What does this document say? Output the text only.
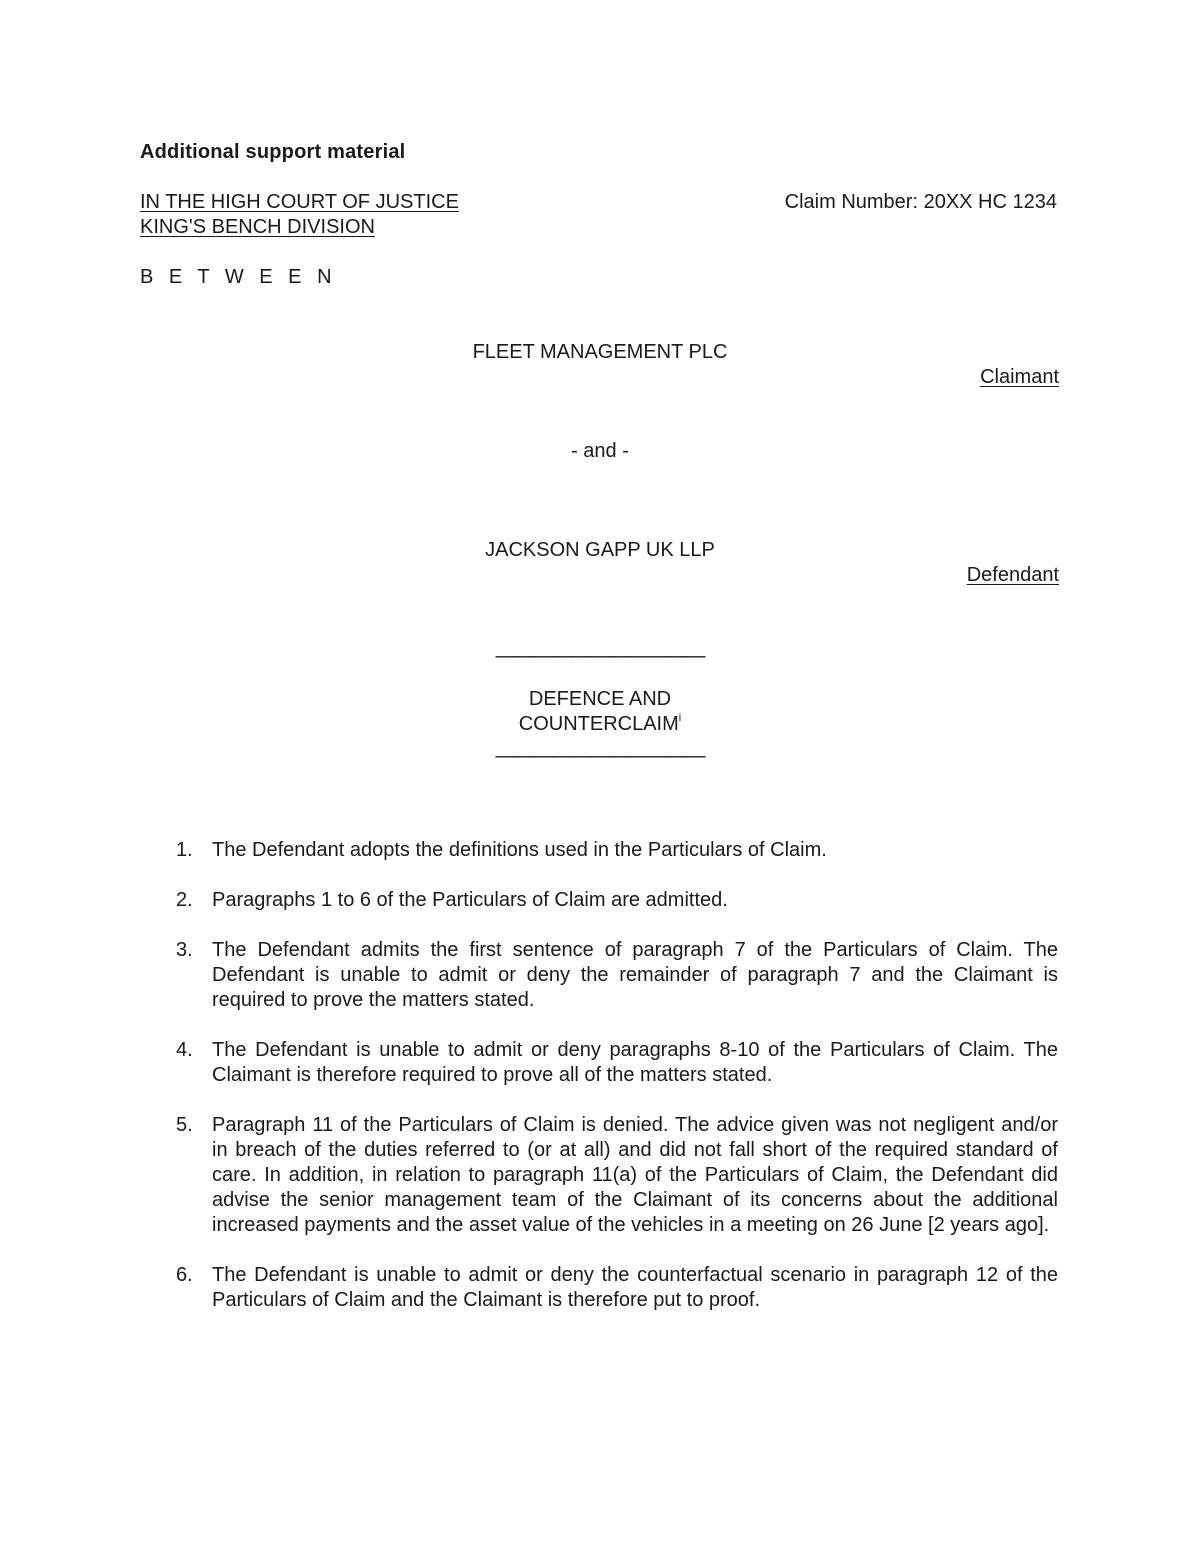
Additional support material
IN THE HIGH COURT OF JUSTICE
KING'S BENCH DIVISION
Claim Number: 20XX HC 1234
B E T W E E N
FLEET MANAGEMENT PLC
Claimant
- and -
JACKSON GAPP UK LLP
Defendant
———————————
DEFENCE AND
COUNTERCLAIM$^i$
———————————
1. The Defendant adopts the definitions used in the Particulars of Claim.
2. Paragraphs 1 to 6 of the Particulars of Claim are admitted.
3. The Defendant admits the first sentence of paragraph 7 of the Particulars of Claim. The Defendant is unable to admit or deny the remainder of paragraph 7 and the Claimant is required to prove the matters stated.
4. The Defendant is unable to admit or deny paragraphs 8-10 of the Particulars of Claim. The Claimant is therefore required to prove all of the matters stated.
5. Paragraph 11 of the Particulars of Claim is denied. The advice given was not negligent and/or in breach of the duties referred to (or at all) and did not fall short of the required standard of care. In addition, in relation to paragraph 11(a) of the Particulars of Claim, the Defendant did advise the senior management team of the Claimant of its concerns about the additional increased payments and the asset value of the vehicles in a meeting on 26 June [2 years ago].
6. The Defendant is unable to admit or deny the counterfactual scenario in paragraph 12 of the Particulars of Claim and the Claimant is therefore put to proof.
